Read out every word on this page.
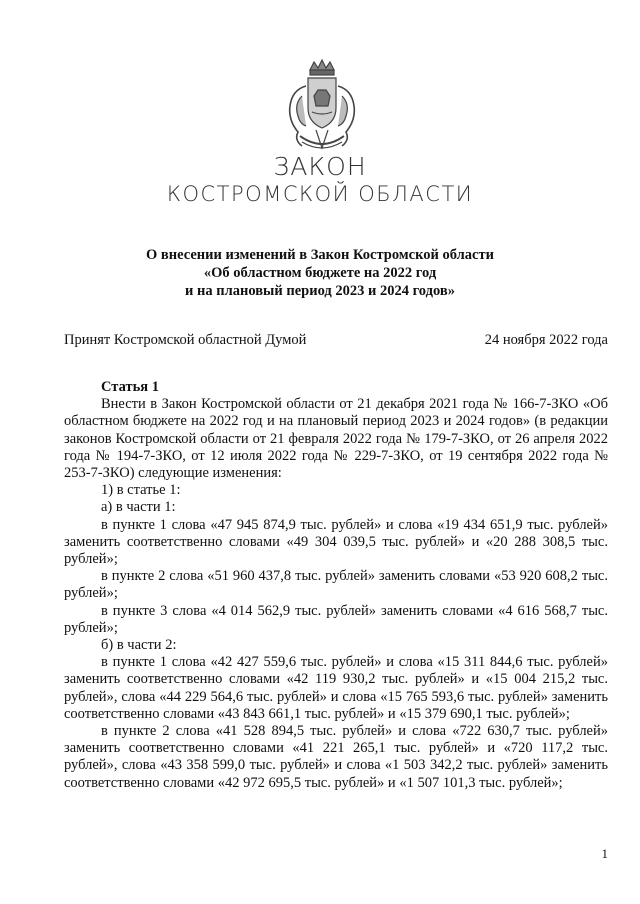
ЗАКОН
КОСТРОМСКОЙ ОБЛАСТИ
О внесении изменений в Закон Костромской области
«Об областном бюджете на 2022 год
и на плановый период 2023 и 2024 годов»
Принят Костромской областной Думой	24 ноября 2022 года

Статья 1

Внести в Закон Костромской области от 21 декабря 2021 года № 166-7-ЗКО «Об областном бюджете на 2022 год и на плановый период 2023 и 2024 годов» (в редакции законов Костромской области от 21 февраля 2022 года № 179-7-ЗКО, от 26 апреля 2022 года № 194-7-ЗКО, от 12 июля 2022 года № 229-7-ЗКО, от 19 сентября 2022 года № 253-7-ЗКО) следующие изменения:

1) в статье 1:

а) в части 1:

в пункте 1 слова «47 945 874,9 тыс. рублей» и слова «19 434 651,9 тыс. рублей» заменить соответственно словами «49 304 039,5 тыс. рублей» и «20 288 308,5 тыс. рублей»;

в пункте 2 слова «51 960 437,8 тыс. рублей» заменить словами «53 920 608,2 тыс. рублей»;

в пункте 3 слова «4 014 562,9 тыс. рублей» заменить словами «4 616 568,7 тыс. рублей»;

б) в части 2:

в пункте 1 слова «42 427 559,6 тыс. рублей» и слова «15 311 844,6 тыс. рублей» заменить соответственно словами «42 119 930,2 тыс. рублей» и «15 004 215,2 тыс. рублей», слова «44 229 564,6 тыс. рублей» и слова «15 765 593,6 тыс. рублей» заменить соответственно словами «43 843 661,1 тыс. рублей» и «15 379 690,1 тыс. рублей»;

в пункте 2 слова «41 528 894,5 тыс. рублей» и слова «722 630,7 тыс. рублей» заменить соответственно словами «41 221 265,1 тыс. рублей» и «720 117,2 тыс. рублей», слова «43 358 599,0 тыс. рублей» и слова «1 503 342,2 тыс. рублей» заменить соответственно словами «42 972 695,5 тыс. рублей» и «1 507 101,3 тыс. рублей»;

1
